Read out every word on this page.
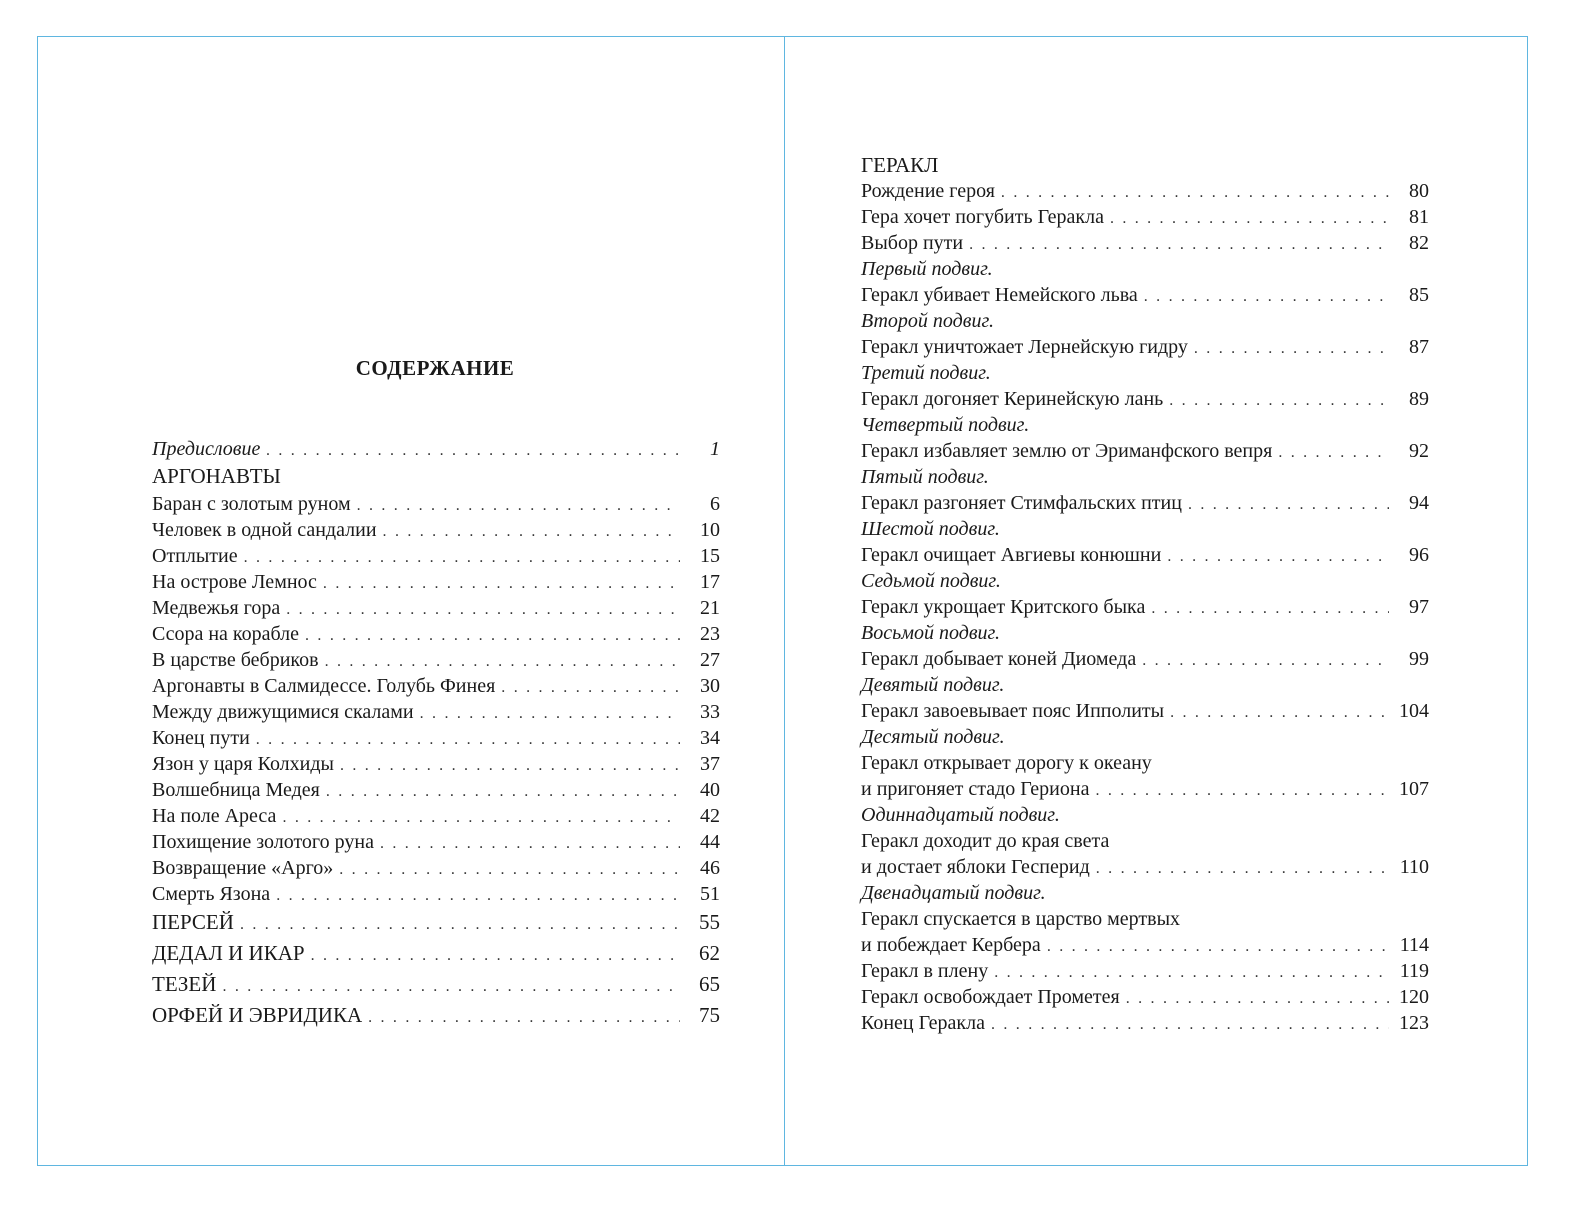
СОДЕРЖАНИЕ
Предисловие . . .	1
АРГОНАВТЫ
Баран с золотым руном . . .	6
Человек в одной сандалии . . .	10
Отплытие . . .	15
На острове Лемнос . . .	17
Медвежья гора . . .	21
Ссора на корабле . . .	23
В царстве бебриков . . .	27
Аргонавты в Салмидессе. Голубь Финея . . .	30
Между движущимися скалами . . .	33
Конец пути . . .	34
Язон у царя Колхиды . . .	37
Волшебница Медея . . .	40
На поле Ареса . . .	42
Похищение золотого руна . . .	44
Возвращение «Арго» . . .	46
Смерть Язона . . .	51
ПЕРСЕЙ . . .	55
ДЕДАЛ И ИКАР . . .	62
ТЕЗЕЙ . . .	65
ОРФЕЙ И ЭВРИДИКА . . .	75
ГЕРАКЛ
Рождение героя . . .	80
Гера хочет погубить Геракла . . .	81
Выбор пути . . .	82
Первый подвиг.
Геракл убивает Немейского льва . . .	85
Второй подвиг.
Геракл уничтожает Лернейскую гидру . . .	87
Третий подвиг.
Геракл догоняет Керинейскую лань . . .	89
Четвертый подвиг.
Геракл избавляет землю от Эриманфского вепря . . .	92
Пятый подвиг.
Геракл разгоняет Стимфальских птиц . . .	94
Шестой подвиг.
Геракл очищает Авгиевы конюшни . . .	96
Седьмой подвиг.
Геракл укрощает Критского быка . . .	97
Восьмой подвиг.
Геракл добывает коней Диомеда . . .	99
Девятый подвиг.
Геракл завоевывает пояс Ипполиты . . .	104
Десятый подвиг.
Геракл открывает дорогу к океану
и пригоняет стадо Гериона . . .	107
Одиннадцатый подвиг.
Геракл доходит до края света
и достает яблоки Гесперид . . .	110
Двенадцатый подвиг.
Геракл спускается в царство мертвых
и побеждает Кербера . . .	114
Геракл в плену . . .	119
Геракл освобождает Прометея . . .	120
Конец Геракла . . .	123
